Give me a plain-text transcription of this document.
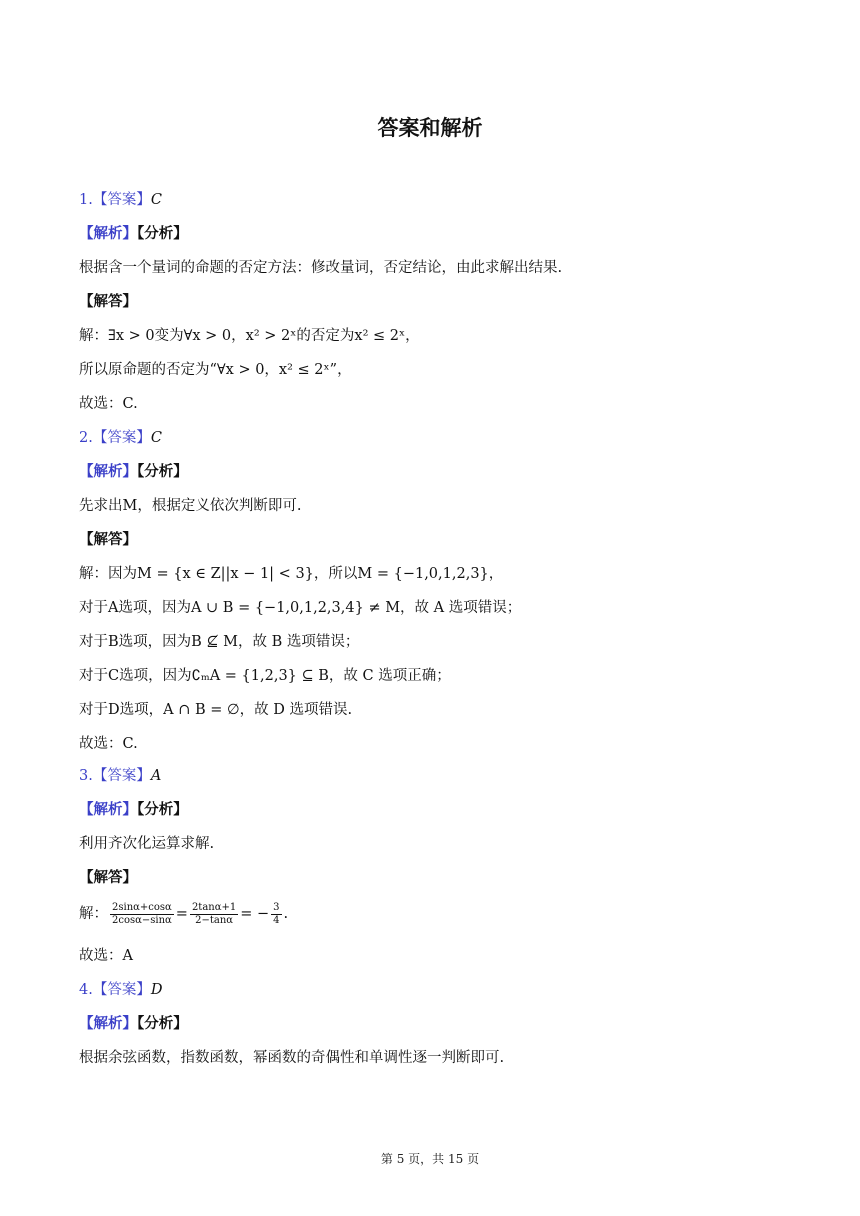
答案和解析
1.【答案】C
【解析】【分析】
根据含一个量词的命题的否定方法：修改量词，否定结论，由此求解出结果.
【解答】
解：∃x > 0变为∀x > 0，x² > 2ˣ的否定为x² ≤ 2ˣ，
所以原命题的否定为“∀x > 0，x² ≤ 2ˣ”，
故选：C.
2.【答案】C
【解析】【分析】
先求出M，根据定义依次判断即可.
【解答】
解：因为M = {x ∈ Z||x − 1| < 3}，所以M = {−1,0,1,2,3}，
对于A选项，因为A ∪ B = {−1,0,1,2,3,4} ≠ M，故 A 选项错误；
对于B选项，因为B ⊈ M，故 B 选项错误；
对于C选项，因为∁ₘA = {1,2,3} ⊆ B，故 C 选项正确；
对于D选项，A ∩ B = ∅，故 D 选项错误.
故选：C.
3.【答案】A
【解析】【分析】
利用齐次化运算求解.
【解答】
解： $\frac{2\sin\alpha+\cos\alpha}{2\cos\alpha-\sin\alpha} = \frac{2\tan\alpha+1}{2-\tan\alpha}$ = − $\frac{3}{4}$ .
故选：A
4.【答案】D
【解析】【分析】
根据余弦函数，指数函数，幂函数的奇偶性和单调性逐一判断即可.
第 5 页，共 15 页
